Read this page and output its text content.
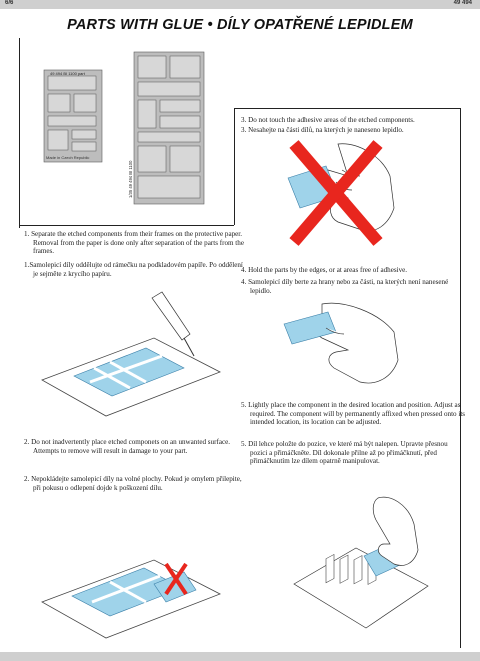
6/6	49 494
PARTS WITH GLUE • DÍLY OPATŘENÉ LEPIDLEM
Made in Czech Republic
49 494 BI 1100 part
1/35 49 494 BI 1100
3. Do not touch the adhesive areas of the etched components.
3. Nesahejte na části dílů, na kterých je naneseno lepidlo.
1. Separate the etched components from their frames on the protective paper. Removal from the paper is done only after separation of the parts from the frames.
1.Samolepicí díly oddělujte od rámečku na podkladovém papíře. Po oddělení je sejměte z krycího papíru.	4. Hold the parts by the edges, or at areas free of adhesive.
4. Samolepicí díly berte za hrany nebo za části, na kterých není nanesené lepidlo.
5. Lightly place the component in the desired location and position. Adjust as required. The component will by permanently affixed when pressed onto its intended location, its location can be adjusted.
5. Díl lehce položte do pozice, ve které má být nalepen. Upravte přesnou pozici a přimáčkněte. Díl dokonale přilne až po přimáčknutí, před přimáčknutím lze dílem opatrně manipulovat.
2. Do not inadvertently place etched componets on an unwanted surface. Attempts to remove will result in damage to your part.
2. Nepokládejte samolepicí díly na volné plochy. Pokud je omylem přilepite, při pokusu o odlepení dojde k poškození dílu.
